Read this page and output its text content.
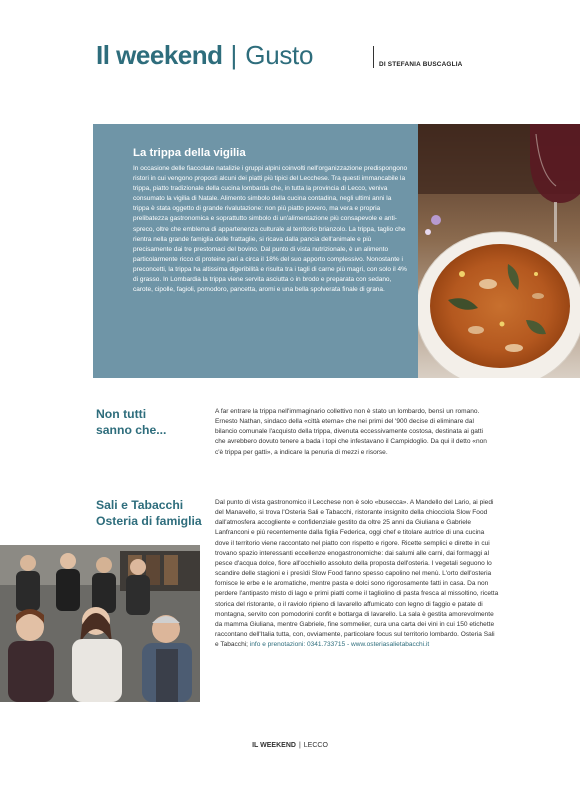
Il weekend | Gusto	DI STEFANIA BUSCAGLIA
La trippa della vigilia

In occasione delle fiaccolate natalizie i gruppi alpini coinvolti nell'organizzazione predispongono ristori in cui vengono proposti alcuni dei piatti più tipici del Lecchese. Tra questi immancabile la trippa, piatto tradizionale della cucina lombarda che, in tutta la provincia di Lecco, veniva consumato la vigilia di Natale. Alimento simbolo della cucina contadina, negli ultimi anni la trippa è stata oggetto di grande rivalutazione: non più piatto povero, ma vera e propria prelibatezza gastronomica e soprattutto simbolo di un'alimentazione più consapevole e anti-spreco, oltre che emblema di appartenenza culturale al territorio brianzolo. La trippa, taglio che rientra nella grande famiglia delle frattaglie, si ricava dalla pancia dell'animale e più precisamente dai tre prestomaci del bovino. Dal punto di vista nutrizionale, è un alimento particolarmente ricco di proteine pari a circa il 18% del suo apporto complessivo. Nonostante i preconcetti, la trippa ha altissima digeribilità e risulta tra i tagli di carne più magri, con solo il 4% di grasso. In Lombardia la trippa viene servita asciutta o in brodo e preparata con sedano, carote, cipolle, fagioli, pomodoro, pancetta, aromi e una bella spolverata finale di grana.

Non tutti
sanno che...

A far entrare la trippa nell'immaginario collettivo non è stato un lombardo, bensì un romano. Ernesto Nathan, sindaco della «città eterna» che nei primi del '900 decise di eliminare dal bilancio comunale l'acquisto della trippa, divenuta eccessivamente costosa, destinata ai gatti che avrebbero dovuto tenere a bada i topi che infestavano il Campidoglio. Da qui il detto «non c'è trippa per gatti», a indicare la penuria di mezzi e risorse.

Sali e Tabacchi
Osteria di famiglia

Dal punto di vista gastronomico il Lecchese non è solo «busecca». A Mandello del Lario, ai piedi del Manavello, si trova l'Osteria Sali e Tabacchi, ristorante insignito della chiocciola Slow Food dall'atmosfera accogliente e confidenziale gestito da oltre 25 anni da Giuliana e Gabriele Lanfranconi e più recentemente dalla figlia Federica, oggi chef e titolare autrice di una cucina dove il territorio viene raccontato nel piatto con rispetto e rigore. Ricette semplici e dirette in cui trovano spazio interessanti eccellenze enogastronomiche: dai salumi alle carni, dai formaggi al pesce d'acqua dolce, fiore all'occhiello assoluto della proposta dell'osteria. I vegetali seguono lo scandire delle stagioni e i presìdi Slow Food fanno spesso capolino nel menù. L'orto dell'osteria fornisce le erbe e le aromatiche, mentre pasta e dolci sono rigorosamente fatti in casa. Da non perdere l'antipasto misto di lago e primi piatti come il tagliolino di pasta fresca al missoltino, ricetta storica del ristorante, o il raviolo ripieno di lavarello affumicato con legno di faggio e patate di montagna, servito con pomodorini confit e bottarga di lavarello. La sala è gestita amorevolmente da mamma Giuliana, mentre Gabriele, fine sommelier, cura una carta dei vini in cui 150 etichette raccontano dell'Italia tutta, con, ovviamente, particolare focus sul territorio lombardo. Osteria Sali e Tabacchi; info e prenotazioni: 0341.733715 - www.osteriasalietabacchi.it

IL WEEKEND | LECCO
